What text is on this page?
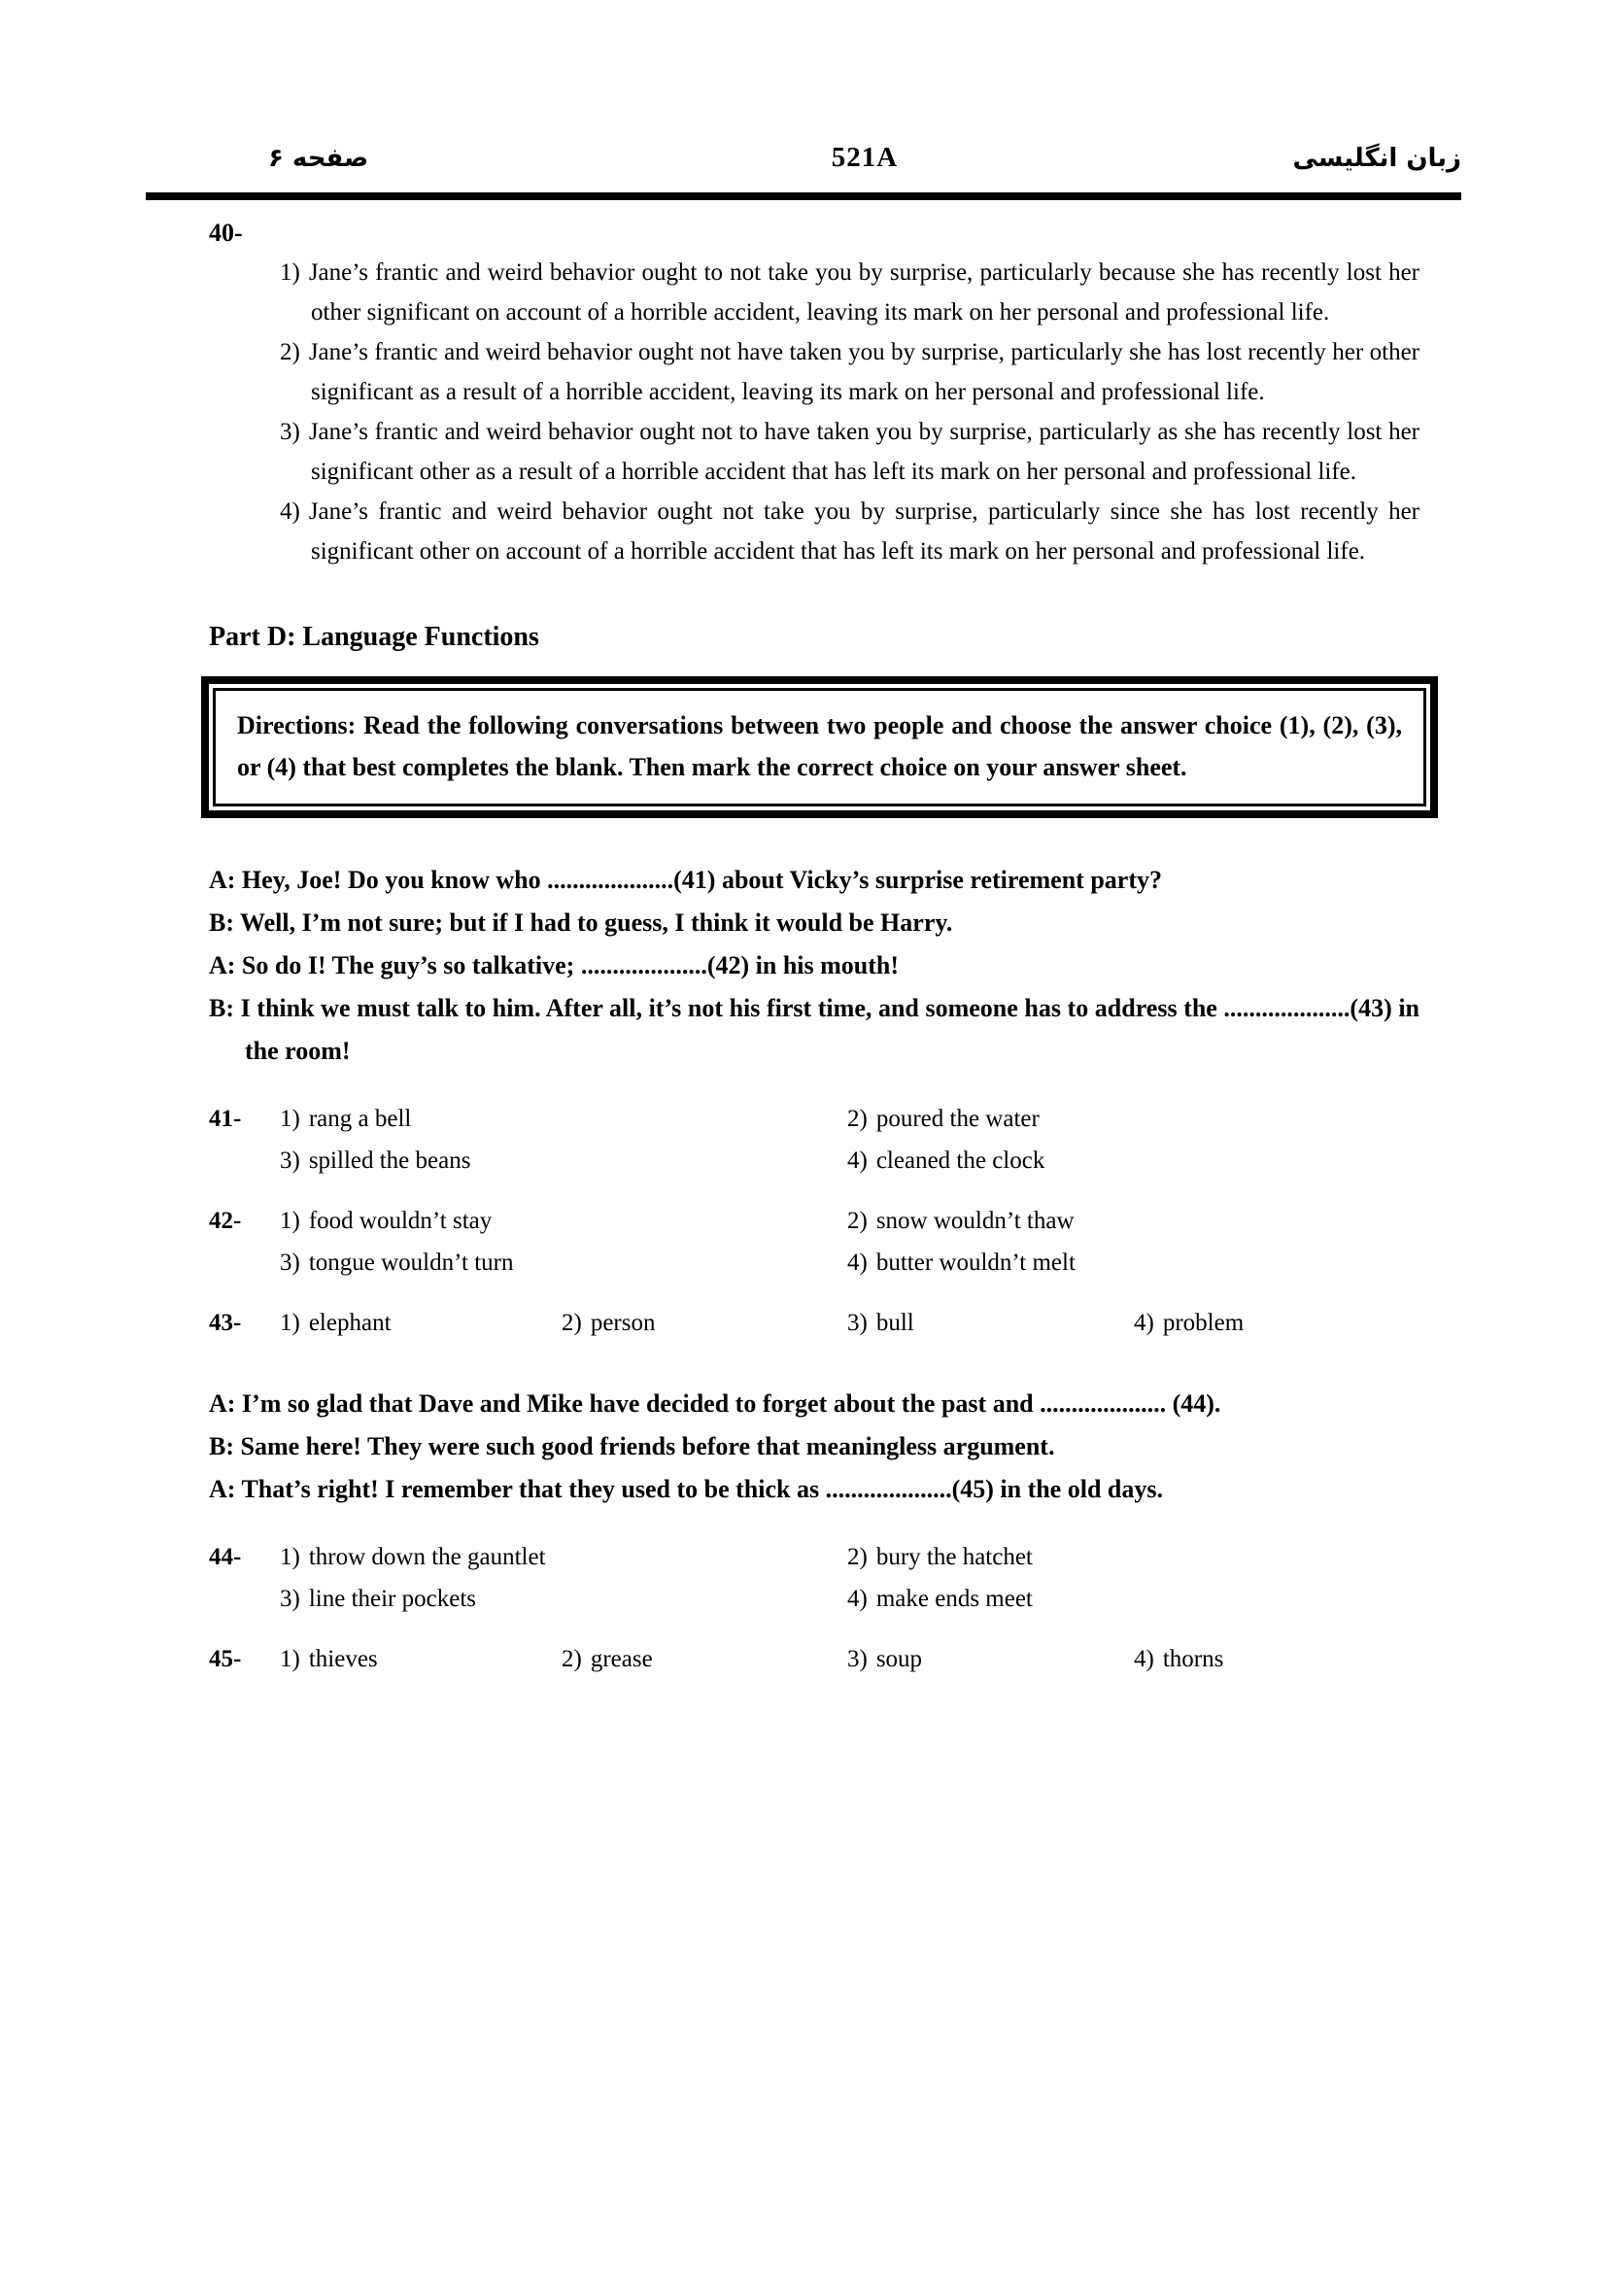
صفحه ۶	521A	زبان انگلیسی
40-
1) Jane’s frantic and weird behavior ought to not take you by surprise, particularly because she has recently lost her other significant on account of a horrible accident, leaving its mark on her personal and professional life.
2) Jane’s frantic and weird behavior ought not have taken you by surprise, particularly she has lost recently her other significant as a result of a horrible accident, leaving its mark on her personal and professional life.
3) Jane’s frantic and weird behavior ought not to have taken you by surprise, particularly as she has recently lost her significant other as a result of a horrible accident that has left its mark on her personal and professional life.
4) Jane’s frantic and weird behavior ought not take you by surprise, particularly since she has lost recently her significant other on account of a horrible accident that has left its mark on her personal and professional life.
Part D: Language Functions
Directions: Read the following conversations between two people and choose the answer choice (1), (2), (3), or (4) that best completes the blank. Then mark the correct choice on your answer sheet.
A: Hey, Joe! Do you know who ....................(41) about Vicky’s surprise retirement party?
B: Well, I’m not sure; but if I had to guess, I think it would be Harry.
A: So do I! The guy’s so talkative; ....................(42) in his mouth!
B: I think we must talk to him. After all, it’s not his first time, and someone has to address the ....................(43) in the room!
41-	1) rang a bell	2) poured the water
3) spilled the beans	4) cleaned the clock
42-	1) food wouldn’t stay	2) snow wouldn’t thaw
3) tongue wouldn’t turn	4) butter wouldn’t melt
43-	1) elephant	2) person	3) bull	4) problem
A: I’m so glad that Dave and Mike have decided to forget about the past and .................... (44).
B: Same here! They were such good friends before that meaningless argument.
A: That’s right! I remember that they used to be thick as ....................(45) in the old days.
44-	1) throw down the gauntlet	2) bury the hatchet
3) line their pockets	4) make ends meet
45-	1) thieves	2) grease	3) soup	4) thorns
